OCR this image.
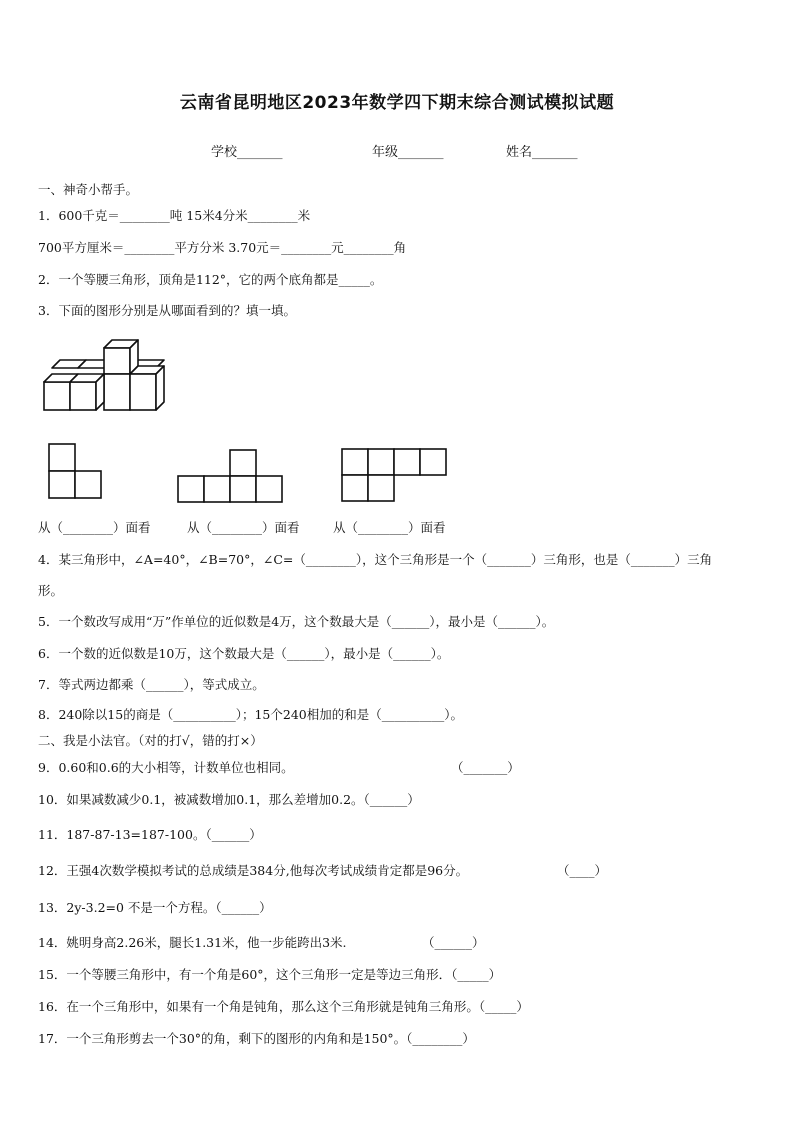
云南省昆明地区2023年数学四下期末综合测试模拟试题
学校_______	年级_______	姓名_______
一、神奇小帮手。
1．600千克＝________吨 15米4分米________米
700平方厘米＝________平方分米 3.70元＝________元________角
2．一个等腰三角形，顶角是112°，它的两个底角都是_____。
3．下面的图形分别是从哪面看到的？填一填。
从（________）面看	从（________）面看	从（________）面看
4．某三角形中，∠A=40°，∠B=70°，∠C=（________），这个三角形是一个（_______）三角形，也是（_______）三角
形。
5．一个数改写成用“万”作单位的近似数是4万，这个数最大是（______），最小是（______）。
6．一个数的近似数是10万，这个数最大是（______），最小是（______）。
7．等式两边都乘（______），等式成立。
8．240除以15的商是（__________）；15个240相加的和是（__________）。
二、我是小法官。（对的打√，错的打×）
9．0.60和0.6的大小相等，计数单位也相同。	（_______）
10．如果减数减少0.1，被减数增加0.1，那么差增加0.2。（______）
11．187-87-13=187-100。（______）
12．王强4次数学模拟考试的总成绩是384分,他每次考试成绩肯定都是96分。	（____）
13．2y-3.2=0 不是一个方程。（______）
14．姚明身高2.26米，腿长1.31米，他一步能跨出3米.	（______）
15．一个等腰三角形中，有一个角是60°，这个三角形一定是等边三角形．（_____）
16．在一个三角形中，如果有一个角是钝角，那么这个三角形就是钝角三角形。（_____）
17．一个三角形剪去一个30°的角，剩下的图形的内角和是150°。（________）
